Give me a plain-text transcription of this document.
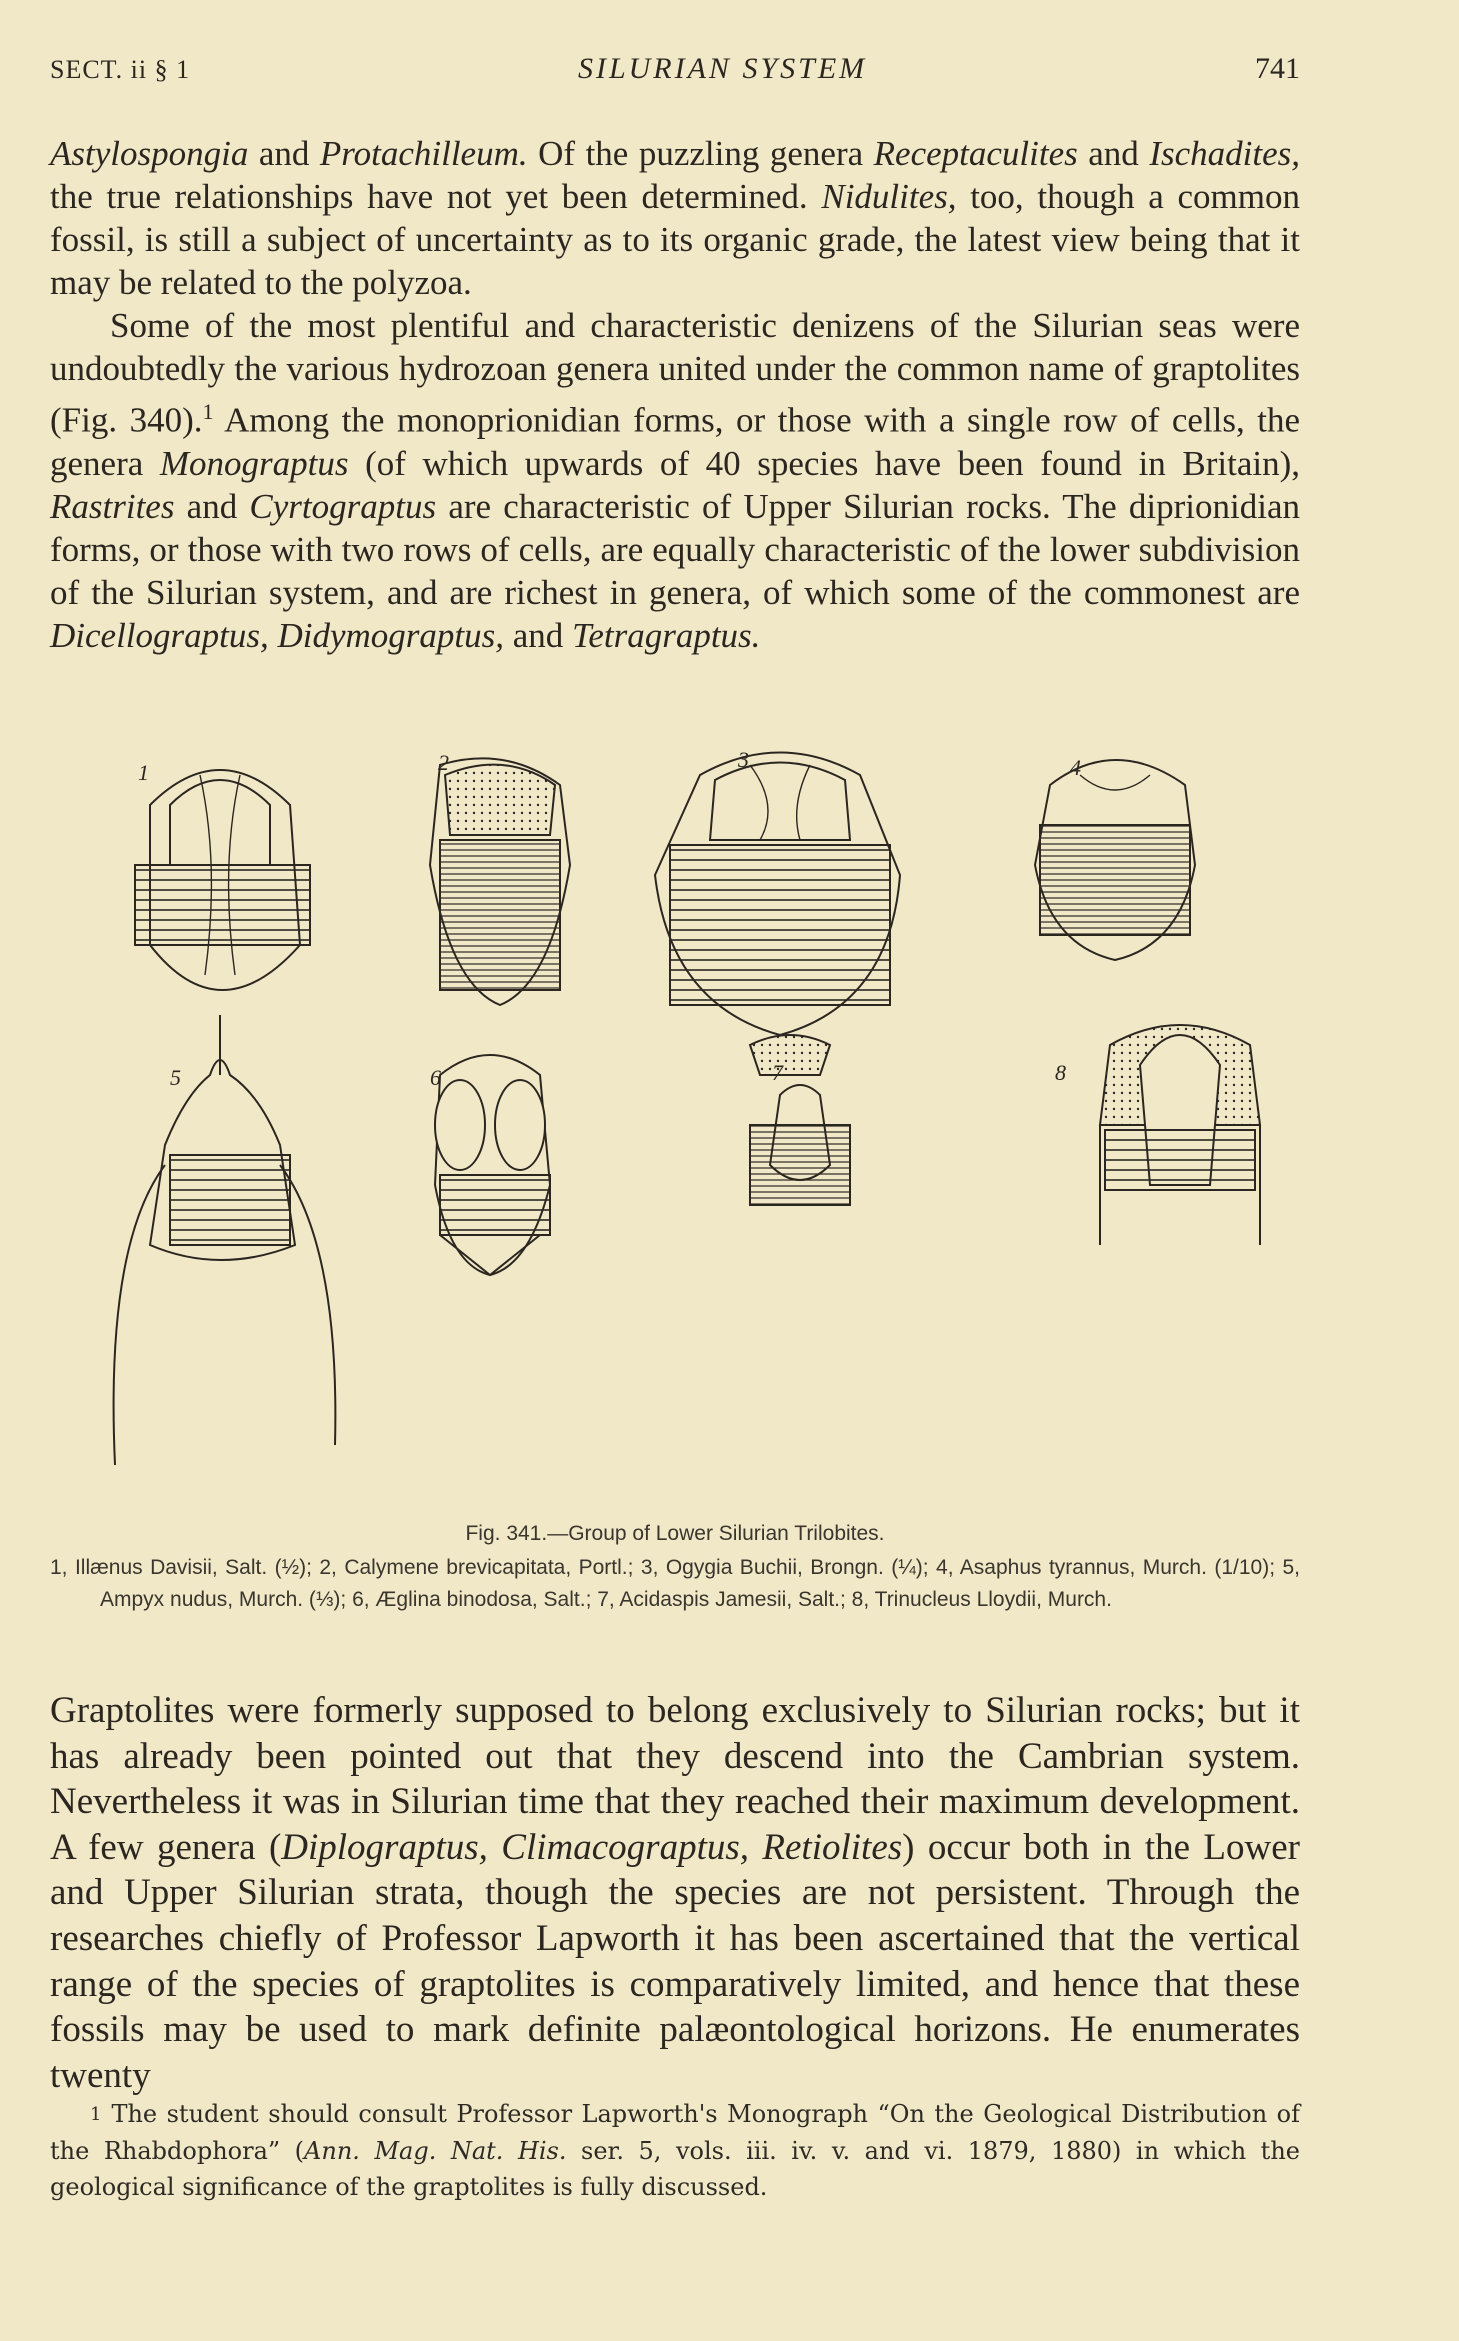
SECT. ii § 1	SILURIAN SYSTEM	741

Astylospongia and Protachilleum. Of the puzzling genera Receptaculites and Ischadites, the true relationships have not yet been determined. Nidulites, too, though a common fossil, is still a subject of uncertainty as to its organic grade, the latest view being that it may be related to the polyzoa.

Some of the most plentiful and characteristic denizens of the Silurian seas were undoubtedly the various hydrozoan genera united under the common name of graptolites (Fig. 340).$^1$ Among the monoprionidian forms, or those with a single row of cells, the genera Monograptus (of which upwards of 40 species have been found in Britain), Rastrites and Cyrtograptus are characteristic of Upper Silurian rocks. The diprionidian forms, or those with two rows of cells, are equally characteristic of the lower subdivision of the Silurian system, and are richest in genera, of which some of the commonest are Dicellograptus, Didymograptus, and Tetragraptus.

1	2	3	4
5	6	7	8
Fig. 341.—Group of Lower Silurian Trilobites.
1, Illænus Davisii, Salt. (½); 2, Calymene brevicapitata, Portl.; 3, Ogygia Buchii, Brongn. (¼); 4, Asaphus tyrannus, Murch. (1/10); 5, Ampyx nudus, Murch. (⅓); 6, Æglina binodosa, Salt.; 7, Acidaspis Jamesii, Salt.; 8, Trinucleus Lloydii, Murch.

Graptolites were formerly supposed to belong exclusively to Silurian rocks; but it has already been pointed out that they descend into the Cambrian system. Nevertheless it was in Silurian time that they reached their maximum development. A few genera (Diplograptus, Climacograptus, Retiolites) occur both in the Lower and Upper Silurian strata, though the species are not persistent. Through the researches chiefly of Professor Lapworth it has been ascertained that the vertical range of the species of graptolites is comparatively limited, and hence that these fossils may be used to mark definite palæontological horizons. He enumerates twenty

1 The student should consult Professor Lapworth's Monograph “On the Geological Distribution of the Rhabdophora” (Ann. Mag. Nat. His. ser. 5, vols. iii. iv. v. and vi. 1879, 1880) in which the geological significance of the graptolites is fully discussed.
